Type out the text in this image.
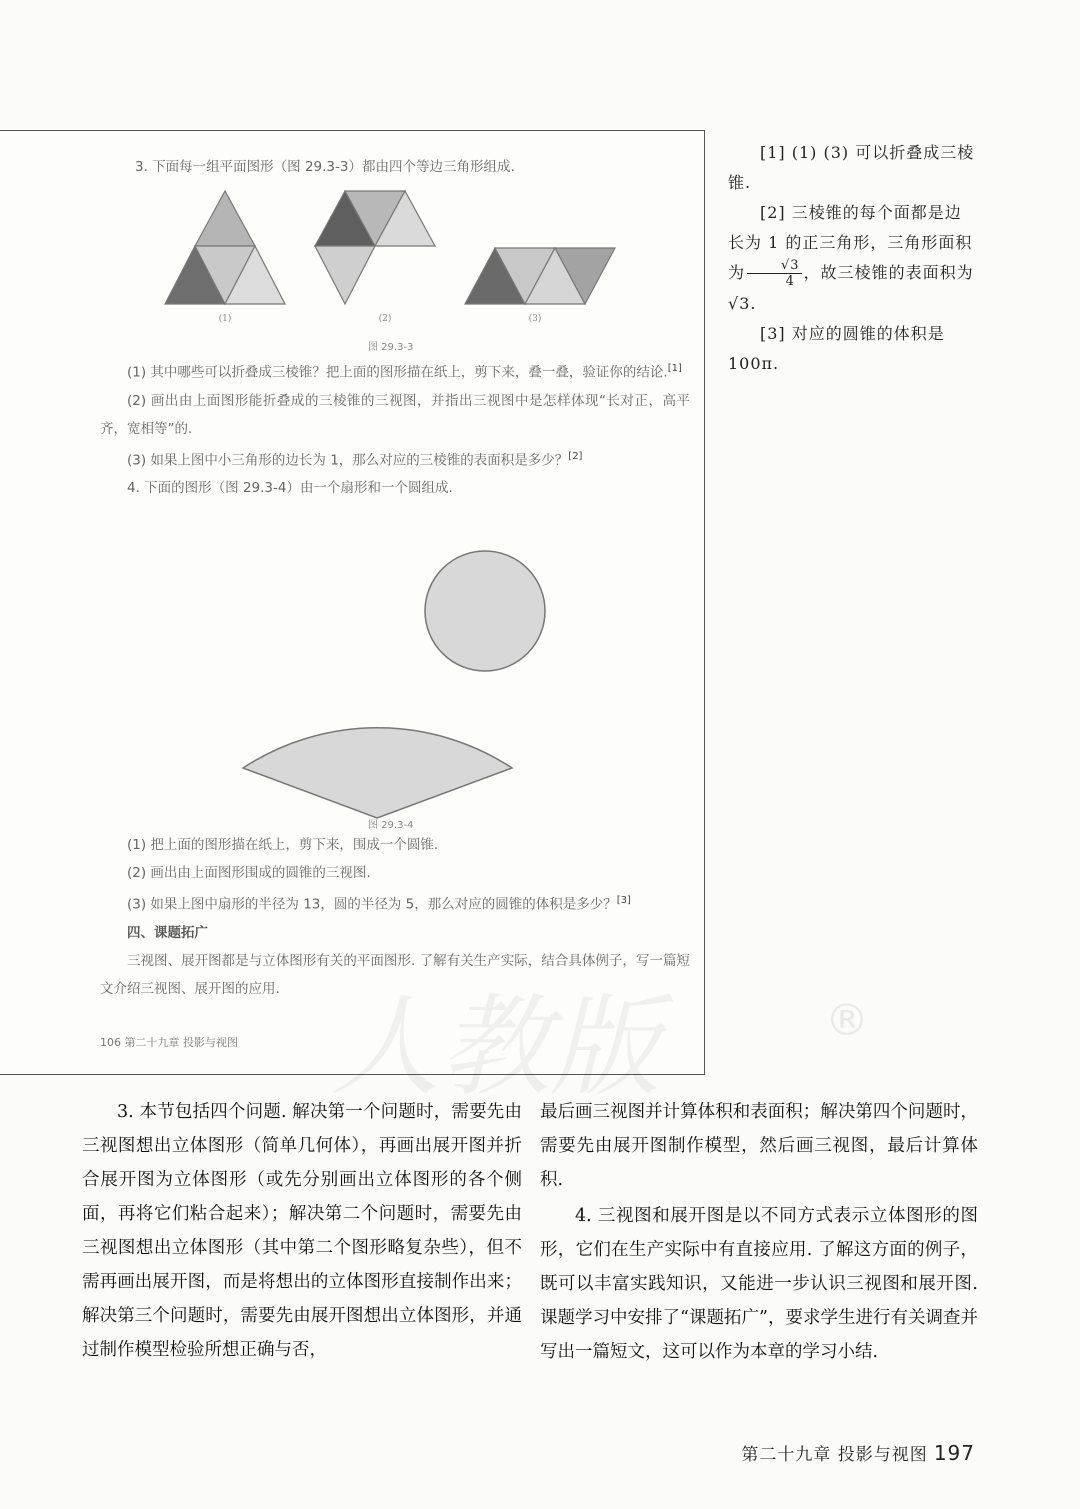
3. 下面每一组平面图形（图 29.3-3）都由四个等边三角形组成.
(1)	(2)	(3)
图 29.3-3

(1) 其中哪些可以折叠成三棱锥？把上面的图形描在纸上，剪下来，叠一叠，验证你的结论.[1]

(2) 画出由上面图形能折叠成的三棱锥的三视图，并指出三视图中是怎样体现“长对正，高平齐，宽相等”的.

(3) 如果上图中小三角形的边长为 1，那么对应的三棱锥的表面积是多少？[2]

4. 下面的图形（图 29.3-4）由一个扇形和一个圆组成.

图 29.3-4

(1) 把上面的图形描在纸上，剪下来，围成一个圆锥.

(2) 画出由上面图形围成的圆锥的三视图.

(3) 如果上图中扇形的半径为 13，圆的半径为 5，那么对应的圆锥的体积是多少？[3]

四、课题拓广

三视图、展开图都是与立体图形有关的平面图形. 了解有关生产实际，结合具体例子，写一篇短文介绍三视图、展开图的应用.

106 第二十九章 投影与视图

[1] (1) (3) 可以折叠成三棱锥.

[2] 三棱锥的每个面都是边长为 1 的正三角形，三角形面积为 $\frac{√3}{4}$ ，故三棱锥的表面积为√3.

[3] 对应的圆锥的体积是 100π.

人教版	®

3. 本节包括四个问题. 解决第一个问题时，需要先由三视图想出立体图形（简单几何体），再画出展开图并折合展开图为立体图形（或先分别画出立体图形的各个侧面，再将它们粘合起来）；解决第二个问题时，需要先由三视图想出立体图形（其中第二个图形略复杂些），但不需再画出展开图，而是将想出的立体图形直接制作出来；解决第三个问题时，需要先由展开图想出立体图形，并通过制作模型检验所想正确与否，

最后画三视图并计算体积和表面积；解决第四个问题时，需要先由展开图制作模型，然后画三视图，最后计算体积.

4. 三视图和展开图是以不同方式表示立体图形的图形，它们在生产实际中有直接应用. 了解这方面的例子，既可以丰富实践知识，又能进一步认识三视图和展开图. 课题学习中安排了“课题拓广”，要求学生进行有关调查并写出一篇短文，这可以作为本章的学习小结.

第二十九章 投影与视图 197
